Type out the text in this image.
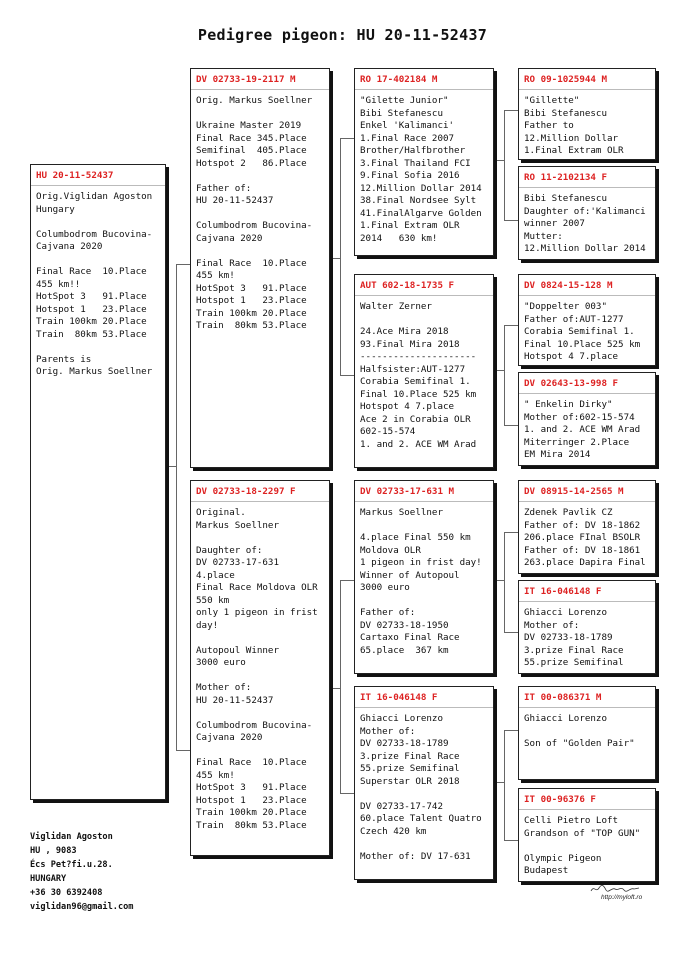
Pedigree pigeon: HU 20-11-52437
HU 20-11-52437
Orig.Viglidan Agoston
Hungary

Columbodrom Bucovina-
Cajvana 2020

Final Race  10.Place
455 km!!
HotSpot 3   91.Place
Hotspot 1   23.Place
Train 100km 20.Place
Train  80km 53.Place

Parents is
Orig. Markus Soellner
DV 02733-19-2117 M
Orig. Markus Soellner

Ukraine Master 2019
Final Race 345.Place
Semifinal  405.Place
Hotspot 2   86.Place

Father of:
HU 20-11-52437

Columbodrom Bucovina-
Cajvana 2020

Final Race  10.Place
455 km!
HotSpot 3   91.Place
Hotspot 1   23.Place
Train 100km 20.Place
Train  80km 53.Place
DV 02733-18-2297 F
Original.
Markus Soellner

Daughter of:
DV 02733-17-631
4.place
Final Race Moldova OLR
550 km
only 1 pigeon in frist
day!

Autopoul Winner
3000 euro

Mother of:
HU 20-11-52437

Columbodrom Bucovina-
Cajvana 2020

Final Race  10.Place
455 km!
HotSpot 3   91.Place
Hotspot 1   23.Place
Train 100km 20.Place
Train  80km 53.Place
RO 17-402184 M
"Gilette Junior"
Bibi Stefanescu
Enkel 'Kalimanci'
1.Final Race 2007
Brother/Halfbrother
3.Final Thailand FCI
9.Final Sofia 2016
12.Million Dollar 2014
38.Final Nordsee Sylt
41.FinalAlgarve Golden
1.Final Extram OLR
2014   630 km!
AUT 602-18-1735 F
Walter Zerner

24.Ace Mira 2018
93.Final Mira 2018
---------------------
Halfsister:AUT-1277
Corabia Semifinal 1.
Final 10.Place 525 km
Hotspot 4 7.place
Ace 2 in Corabia OLR
602-15-574
1. and 2. ACE WM Arad
DV 02733-17-631 M
Markus Soellner

4.place Final 550 km
Moldova OLR
1 pigeon in frist day!
Winner of Autopoul
3000 euro

Father of:
DV 02733-18-1950
Cartaxo Final Race
65.place  367 km
IT 16-046148 F
Ghiacci Lorenzo
Mother of:
DV 02733-18-1789
3.prize Final Race
55.prize Semifinal
Superstar OLR 2018

DV 02733-17-742
60.place Talent Quatro
Czech 420 km

Mother of: DV 17-631
RO 09-1025944 M
"Gillette"
Bibi Stefanescu
Father to
12.Million Dollar
1.Final Extram OLR
RO 11-2102134 F
Bibi Stefanescu
Daughter of:'Kalimanci
winner 2007
Mutter:
12.Million Dollar 2014
DV 0824-15-128 M
"Doppelter 003"
Father of:AUT-1277
Corabia Semifinal 1.
Final 10.Place 525 km
Hotspot 4 7.place
DV 02643-13-998 F
" Enkelin Dirky"
Mother of:602-15-574
1. and 2. ACE WM Arad
Miterringer 2.Place
EM Mira 2014
DV 08915-14-2565 M
Zdenek Pavlik CZ
Father of: DV 18-1862
206.place FInal BSOLR
Father of: DV 18-1861
263.place Dapira Final
IT 16-046148 F
Ghiacci Lorenzo
Mother of:
DV 02733-18-1789
3.prize Final Race
55.prize Semifinal
IT 00-086371 M
Ghiacci Lorenzo

Son of "Golden Pair"
IT 00-96376 F
Celli Pietro Loft
Grandson of "TOP GUN"

Olympic Pigeon
Budapest
Viglidan Agoston
HU , 9083
Écs Pet?fi.u.28.
HUNGARY
+36 30 6392408
viglidan96@gmail.com
http://myloft.ro
